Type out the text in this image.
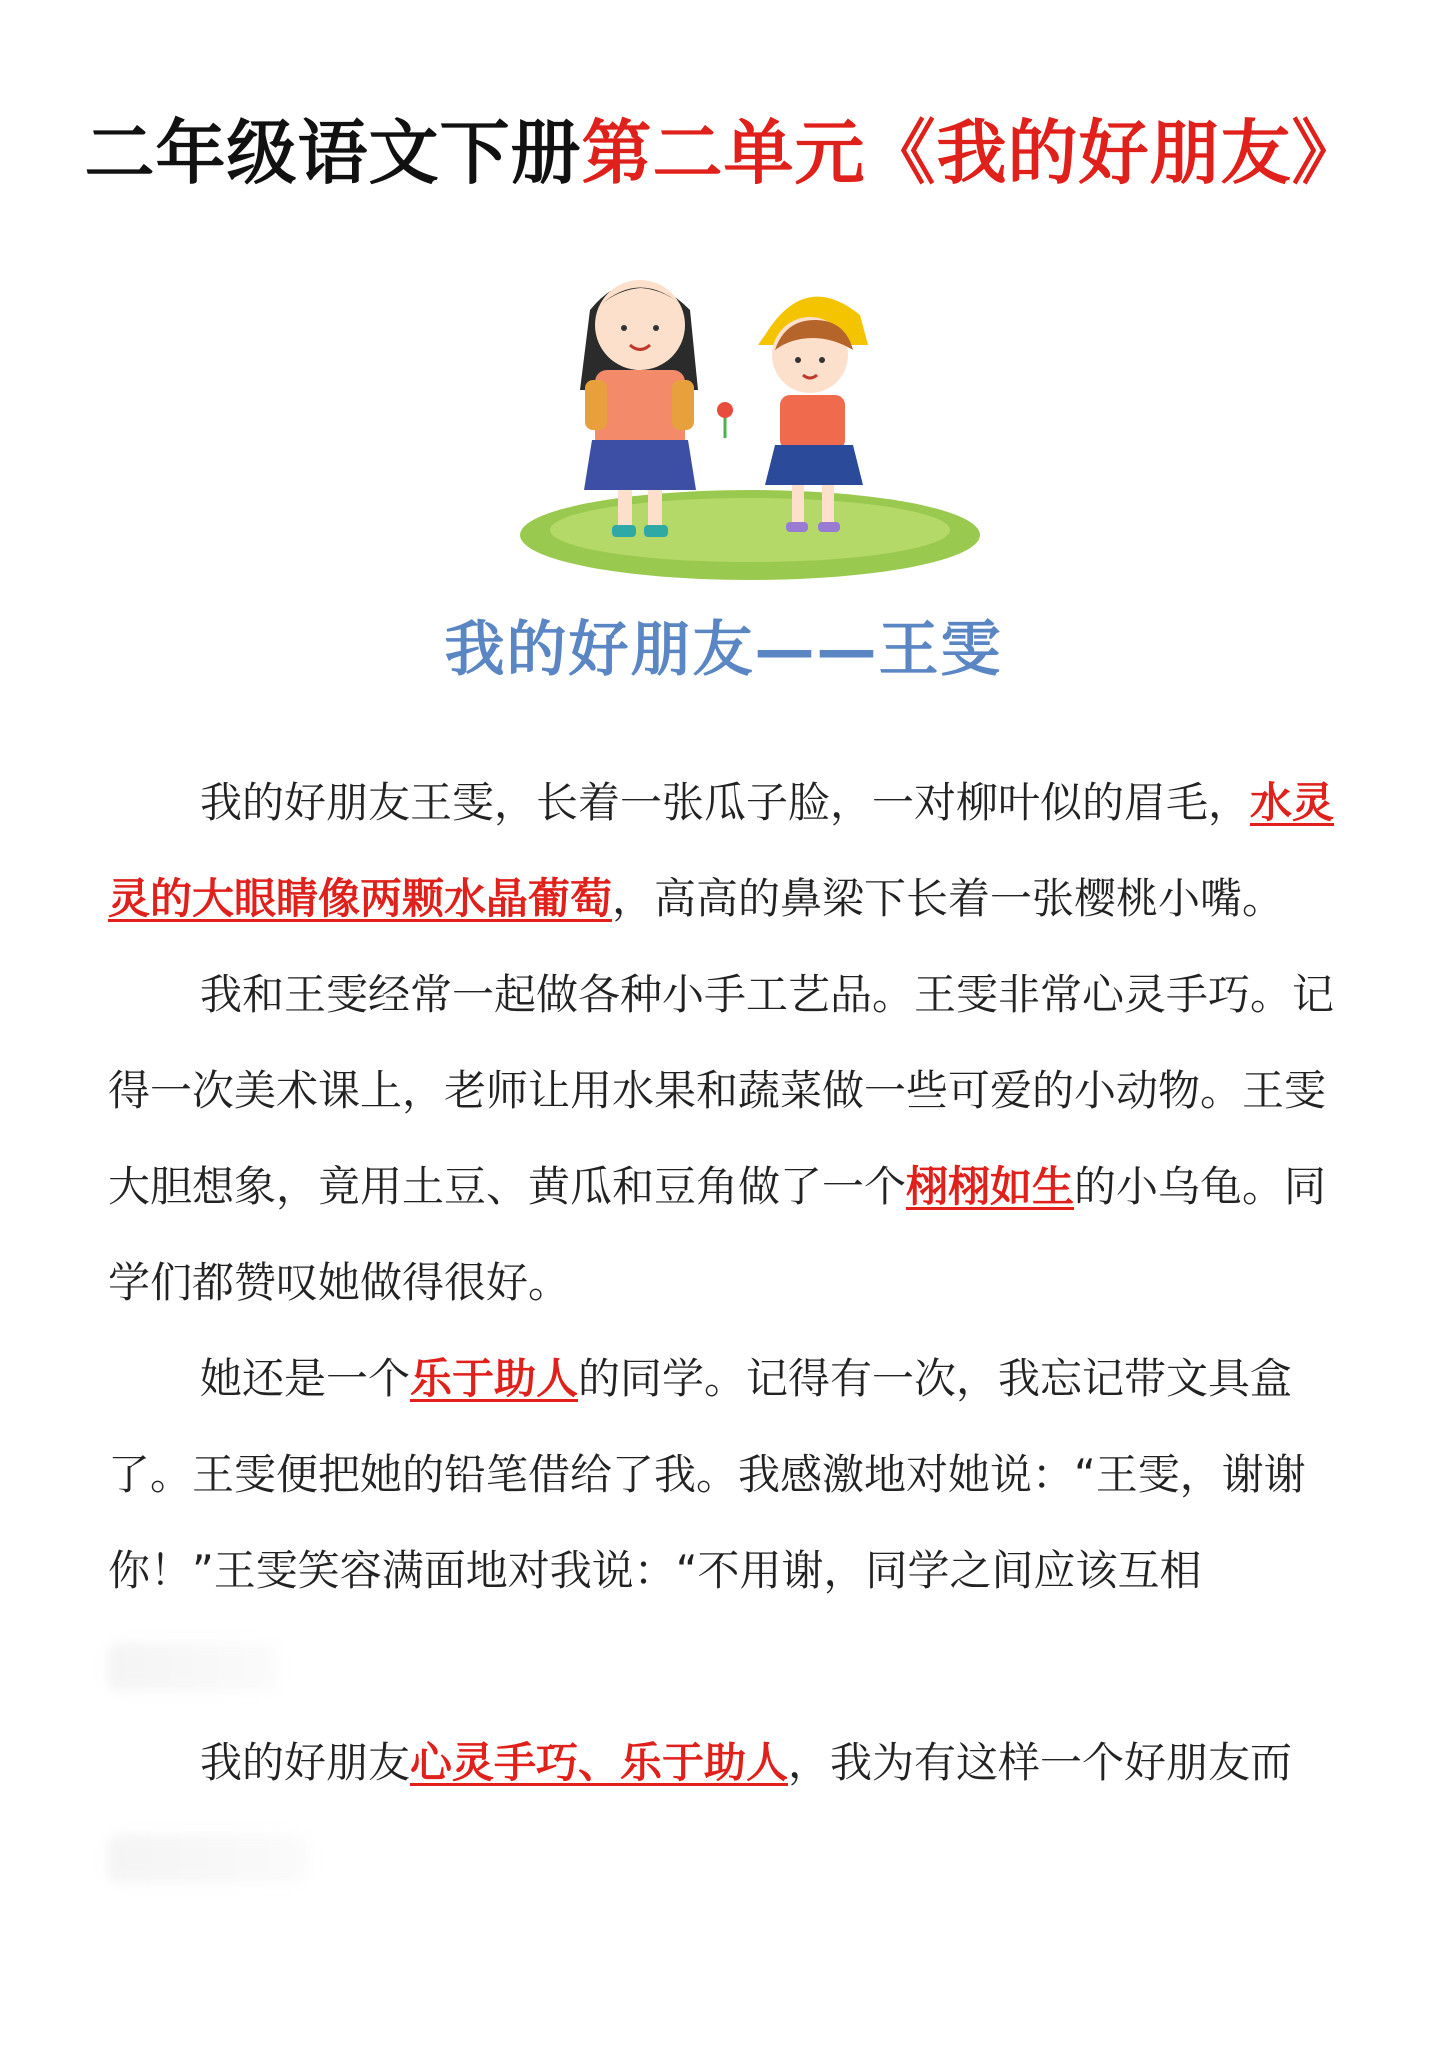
二年级语文下册第二单元《我的好朋友》
我的好朋友——王雯

我的好朋友王雯，长着一张瓜子脸，一对柳叶似的眉毛，水灵灵的大眼睛像两颗水晶葡萄，高高的鼻梁下长着一张樱桃小嘴。

我和王雯经常一起做各种小手工艺品。王雯非常心灵手巧。记得一次美术课上，老师让用水果和蔬菜做一些可爱的小动物。王雯大胆想象，竟用土豆、黄瓜和豆角做了一个栩栩如生的小乌龟。同学们都赞叹她做得很好。

她还是一个乐于助人的同学。记得有一次，我忘记带文具盒了。王雯便把她的铅笔借给了我。我感激地对她说：“王雯，谢谢你！”王雯笑容满面地对我说：“不用谢，同学之间应该互相

我的好朋友心灵手巧、乐于助人，我为有这样一个好朋友而
